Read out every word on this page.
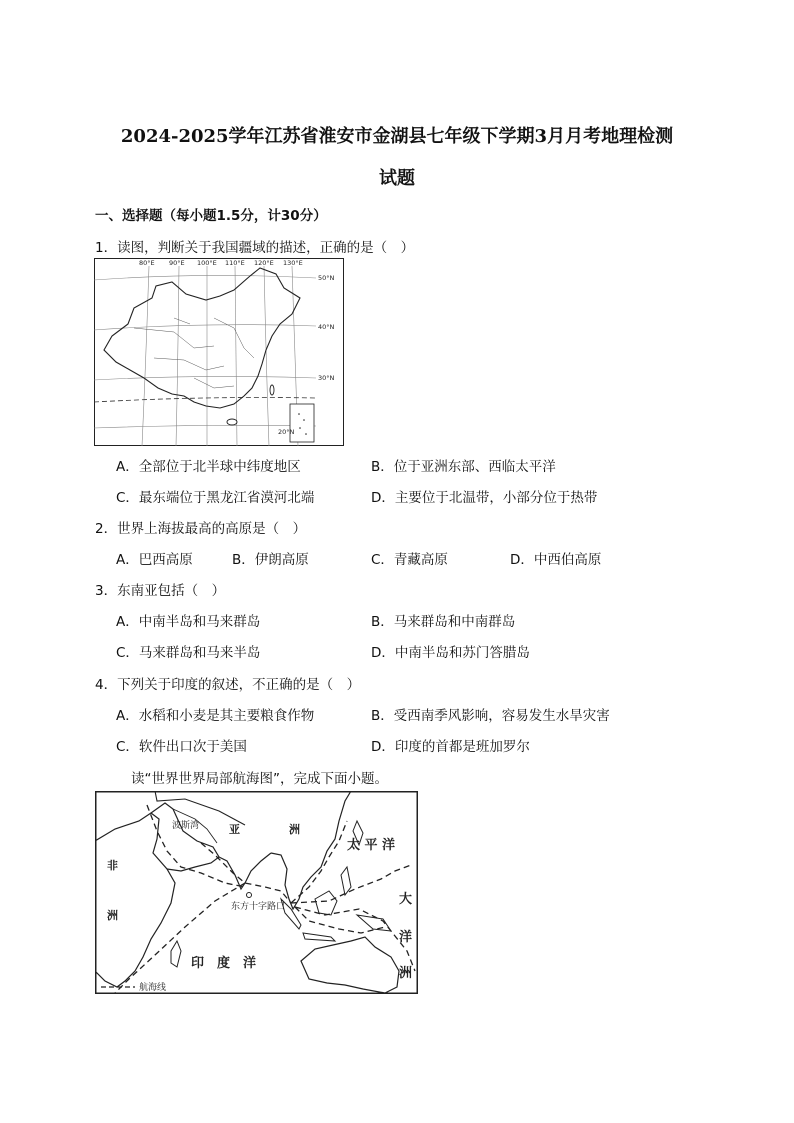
2024-2025学年江苏省淮安市金湖县七年级下学期3月月考地理检测
试题
一、选择题（每小题1.5分，计30分）
1．读图，判断关于我国疆域的描述，正确的是（　）
80°E 90°E 100°E 110°E 120°E 130°E
50°N
40°N
30°N
20°N
A．全部位于北半球中纬度地区	B．位于亚洲东部、西临太平洋
C．最东端位于黑龙江省漠河北端	D．主要位于北温带，小部分位于热带
2．世界上海拔最高的高原是（　）
A．巴西高原	B．伊朗高原	C．青藏高原	D．中西伯高原
3．东南亚包括（　）
A．中南半岛和马来群岛	B．马来群岛和中南群岛
C．马来群岛和马来半岛	D．中南半岛和苏门答腊岛
4．下列关于印度的叙述，不正确的是（　）
A．水稻和小麦是其主要粮食作物	B．受西南季风影响，容易发生水旱灾害
C．软件出口次于美国	D．印度的首都是班加罗尔
读“世界世界局部航海图”，完成下面小题。
波斯湾	亚	洲
太 平 洋
非
洲
大
洋
洲
东方十字路口
印　度　洋
航海线
